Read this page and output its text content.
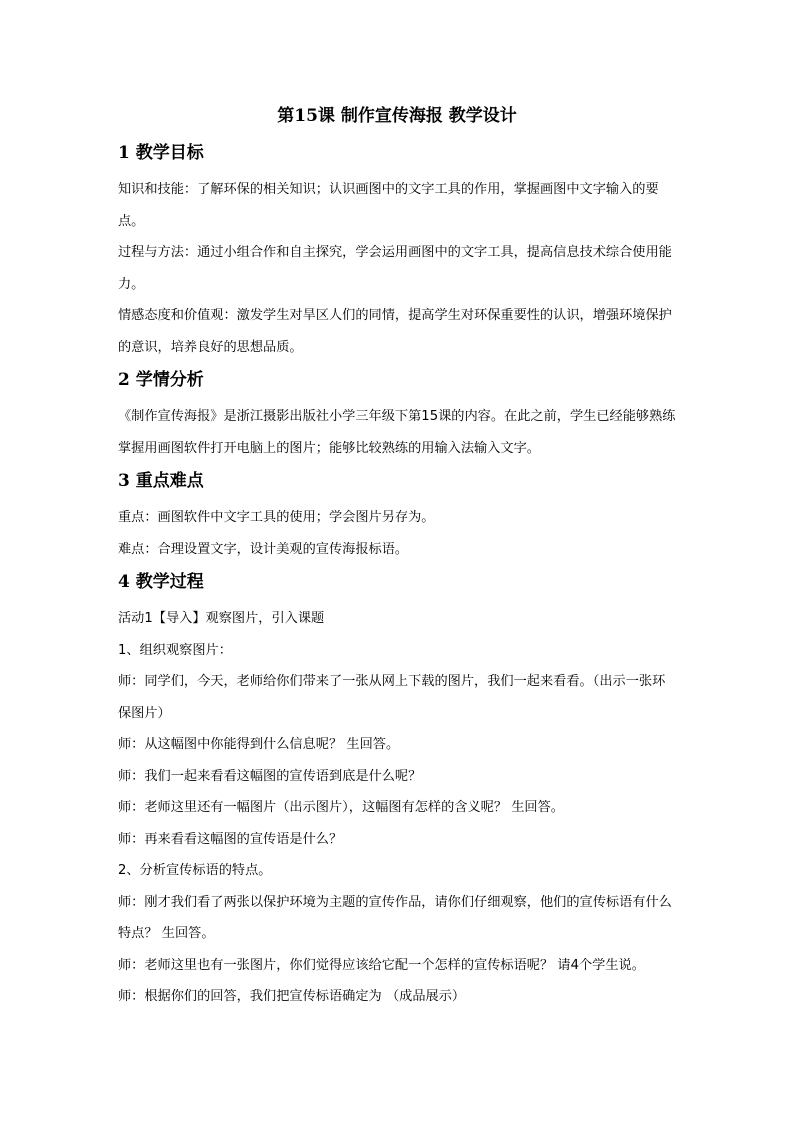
第15课 制作宣传海报 教学设计
1 教学目标

知识和技能：了解环保的相关知识；认识画图中的文字工具的作用，掌握画图中文字输入的要点。

过程与方法：通过小组合作和自主探究，学会运用画图中的文字工具，提高信息技术综合使用能力。

情感态度和价值观：激发学生对旱区人们的同情，提高学生对环保重要性的认识，增强环境保护的意识，培养良好的思想品质。

2 学情分析

《制作宣传海报》是浙江摄影出版社小学三年级下第15课的内容。在此之前，学生已经能够熟练掌握用画图软件打开电脑上的图片；能够比较熟练的用输入法输入文字。

3 重点难点

重点：画图软件中文字工具的使用；学会图片另存为。

难点：合理设置文字，设计美观的宣传海报标语。

4 教学过程

活动1【导入】观察图片，引入课题

1、组织观察图片：

师：同学们，今天，老师给你们带来了一张从网上下载的图片，我们一起来看看。（出示一张环保图片）

师：从这幅图中你能得到什么信息呢？ 生回答。

师：我们一起来看看这幅图的宣传语到底是什么呢？

师：老师这里还有一幅图片（出示图片），这幅图有怎样的含义呢？ 生回答。

师：再来看看这幅图的宣传语是什么？

2、分析宣传标语的特点。

师：刚才我们看了两张以保护环境为主题的宣传作品，请你们仔细观察，他们的宣传标语有什么特点？ 生回答。

师：老师这里也有一张图片，你们觉得应该给它配一个怎样的宣传标语呢？ 请4个学生说。

师：根据你们的回答，我们把宣传标语确定为 （成品展示）
